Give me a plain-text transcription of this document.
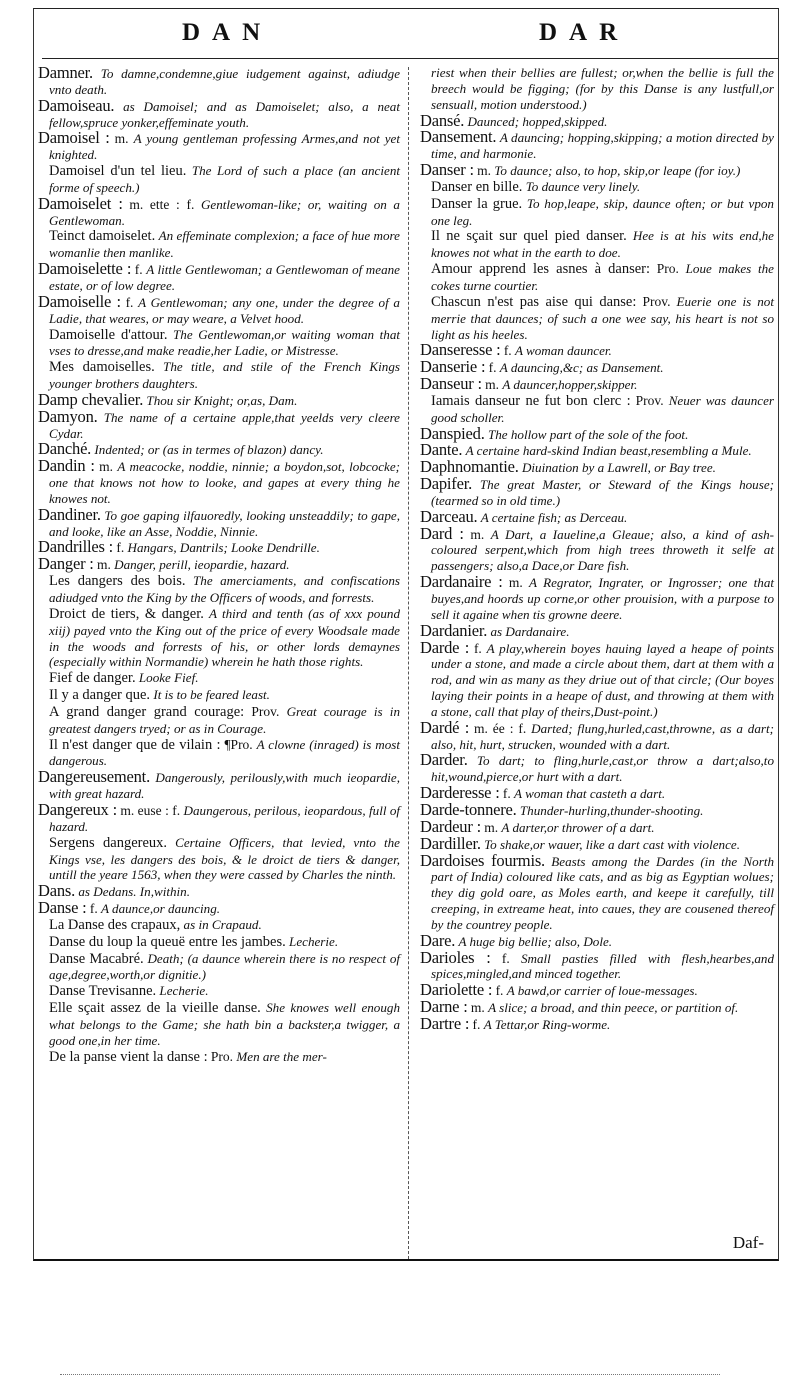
DAN	DAR

Damner. To damne,condemne,giue iudgement against, adiudge vnto death.

Damoiseau. as Damoisel; and as Damoiselet; also, a neat fellow,spruce yonker,effeminate youth.

Damoisel : m. A young gentleman professing Armes,and not yet knighted.

Damoisel d'un tel lieu. The Lord of such a place (an ancient forme of speech.)

Damoiselet : m. ette : f. Gentlewoman-like; or, waiting on a Gentlewoman.

Teinct damoiselet. An effeminate complexion; a face of hue more womanlie then manlike.

Damoiselette : f. A little Gentlewoman; a Gentlewoman of meane estate, or of low degree.

Damoiselle : f. A Gentlewoman; any one, under the degree of a Ladie, that weares, or may weare, a Velvet hood.

Damoiselle d'attour. The Gentlewoman,or waiting woman that vses to dresse,and make readie,her Ladie, or Mistresse.

Mes damoiselles. The title, and stile of the French Kings younger brothers daughters.

Damp chevalier. Thou sir Knight; or,as, Dam.

Damyon. The name of a certaine apple,that yeelds very cleere Cydar.

Danché. Indented; or (as in termes of blazon) dancy.

Dandin : m. A meacocke, noddie, ninnie; a boydon,sot, lobcocke; one that knows not how to looke, and gapes at every thing he knowes not.

Dandiner. To goe gaping ilfauoredly, looking unsteaddily; to gape, and looke, like an Asse, Noddie, Ninnie.

Dandrilles : f. Hangars, Dantrils; Looke Dendrille.

Danger : m. Danger, perill, ieopardie, hazard.

Les dangers des bois. The amerciaments, and confiscations adiudged vnto the King by the Officers of woods, and forrests.

Droict de tiers, & danger. A third and tenth (as of xxx pound xiij) payed vnto the King out of the price of every Woodsale made in the woods and forrests of his, or other lords demaynes (especially within Normandie) wherein he hath those rights.

Fief de danger. Looke Fief.

Il y a danger que. It is to be feared least.

A grand danger grand courage: Prov. Great courage is in greatest dangers tryed; or as in Courage.

Il n'est danger que de vilain : ¶Pro. A clowne (inraged) is most dangerous.

Dangereusement. Dangerously, perilously,with much ieopardie, with great hazard.

Dangereux : m. euse : f. Daungerous, perilous, ieopardous, full of hazard.

Sergens dangereux. Certaine Officers, that levied, vnto the Kings vse, les dangers des bois, & le droict de tiers & danger, untill the yeare 1563, when they were cassed by Charles the ninth.

Dans. as Dedans. In,within.

Danse : f. A daunce,or dauncing.

La Danse des crapaux, as in Crapaud.

Danse du loup la queuë entre les jambes. Lecherie.

Danse Macabré. Death; (a daunce wherein there is no respect of age,degree,worth,or dignitie.)

Danse Trevisanne. Lecherie.

Elle sçait assez de la vieille danse. She knowes well enough what belongs to the Game; she hath bin a backster,a twigger, a good one,in her time.

De la panse vient la danse : Pro. Men are the mer-

riest when their bellies are fullest; or,when the bellie is full the breech would be figging; (for by this Danse is any lustfull,or sensuall, motion understood.)

Dansé. Daunced; hopped,skipped.

Dansement. A dauncing; hopping,skipping; a motion directed by time, and harmonie.

Danser : m. To daunce; also, to hop, skip,or leape (for ioy.)

Danser en bille. To daunce very linely.

Danser la grue. To hop,leape, skip, daunce often; or but vpon one leg.

Il ne sçait sur quel pied danser. Hee is at his wits end,he knowes not what in the earth to doe.

Amour apprend les asnes à danser: Pro. Loue makes the cokes turne courtier.

Chascun n'est pas aise qui danse: Prov. Euerie one is not merrie that daunces; of such a one wee say, his heart is not so light as his heeles.

Danseresse : f. A woman dauncer.

Danserie : f. A dauncing,&c; as Dansement.

Danseur : m. A dauncer,hopper,skipper.

Iamais danseur ne fut bon clerc : Prov. Neuer was dauncer good scholler.

Danspied. The hollow part of the sole of the foot.

Dante. A certaine hard-skind Indian beast,resembling a Mule.

Daphnomantie. Diuination by a Lawrell, or Bay tree.

Dapifer. The great Master, or Steward of the Kings house; (tearmed so in old time.)

Darceau. A certaine fish; as Derceau.

Dard : m. A Dart, a Iaueline,a Gleaue; also, a kind of ash-coloured serpent,which from high trees throweth it selfe at passengers; also,a Dace,or Dare fish.

Dardanaire : m. A Regrator, Ingrater, or Ingrosser; one that buyes,and hoords up corne,or other prouision, with a purpose to sell it againe when tis growne deere.

Dardanier. as Dardanaire.

Darde : f. A play,wherein boyes hauing layed a heape of points under a stone, and made a circle about them, dart at them with a rod, and win as many as they driue out of that circle; (Our boyes laying their points in a heape of dust, and throwing at them with a stone, call that play of theirs,Dust-point.)

Dardé : m. ée : f. Darted; flung,hurled,cast,throwne, as a dart; also, hit, hurt, strucken, wounded with a dart.

Darder. To dart; to fling,hurle,cast,or throw a dart;also,to hit,wound,pierce,or hurt with a dart.

Darderesse : f. A woman that casteth a dart.

Darde-tonnere. Thunder-hurling,thunder-shooting.

Dardeur : m. A darter,or thrower of a dart.

Dardiller. To shake,or wauer, like a dart cast with violence.

Dardoises fourmis. Beasts among the Dardes (in the North part of India) coloured like cats, and as big as Egyptian wolues; they dig gold oare, as Moles earth, and keepe it carefully, till creeping, in extreame heat, into caues, they are cousened thereof by the countrey people.

Dare. A huge big bellie; also, Dole.

Darioles : f. Small pasties filled with flesh,hearbes,and spices,mingled,and minced together.

Dariolette : f. A bawd,or carrier of loue-messages.

Darne : m. A slice; a broad, and thin peece, or partition of.

Dartre : f. A Tettar,or Ring-worme.

Daf-
